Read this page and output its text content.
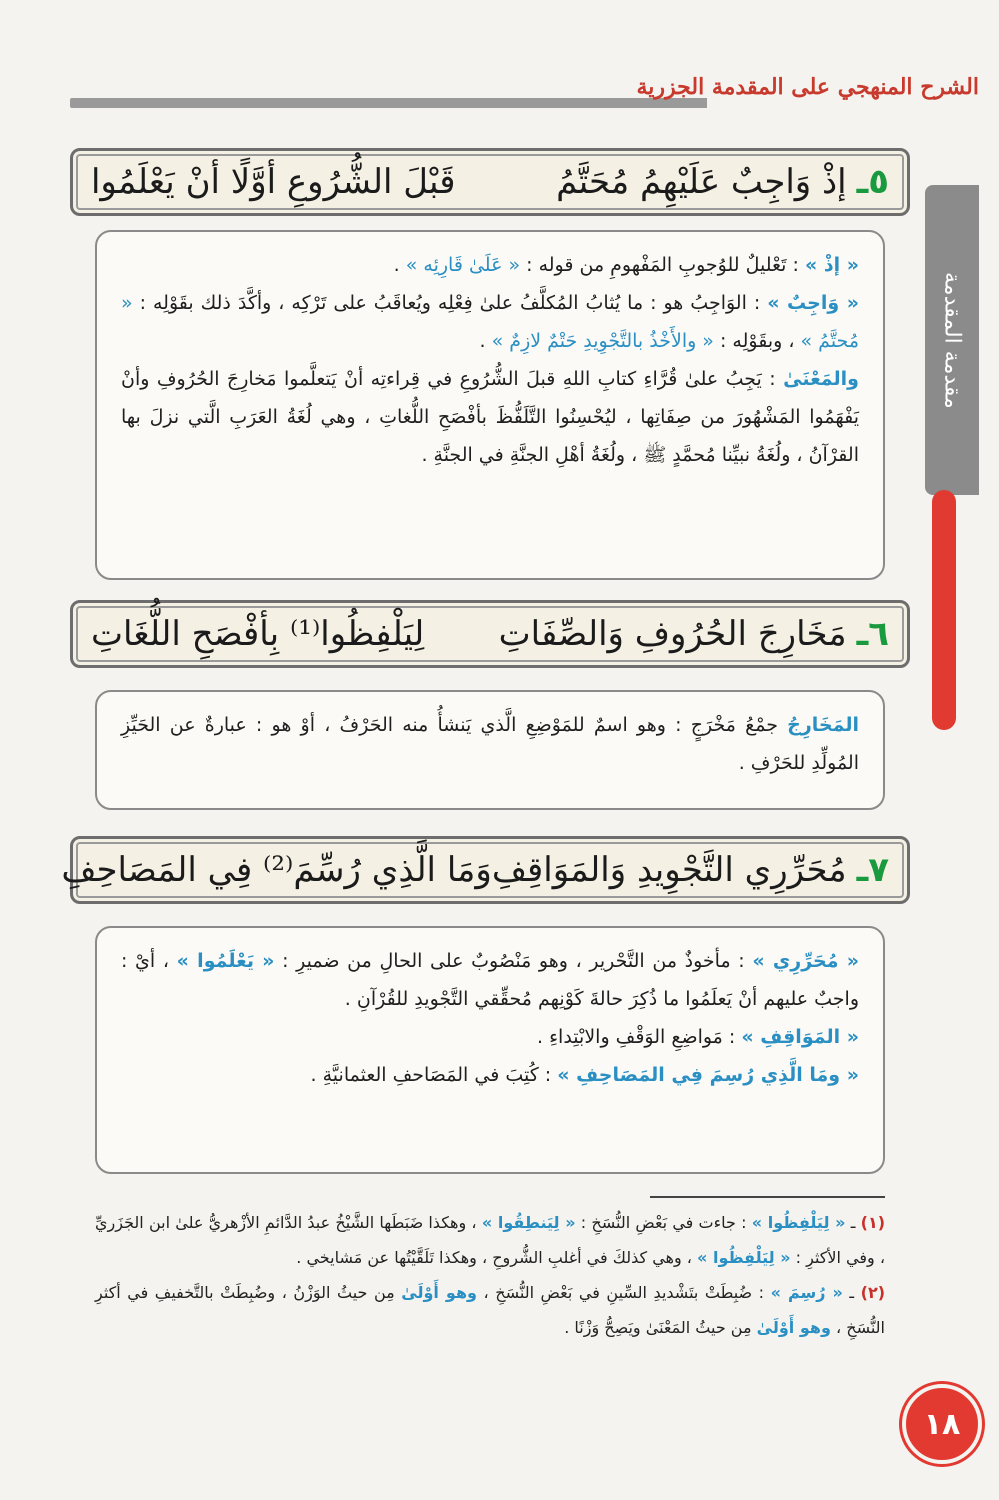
الشرح المنهجي على المقدمة الجزرية
مقدمة المقدمة
٥ـ
إذْ وَاجِبٌ عَلَيْهِمُ مُحَتَّمُ
قَبْلَ الشُّرُوعِ أوَّلًا أنْ يَعْلَمُوا

« إذْ » : تَعْليلٌ للوُجوبِ المَفْهومِ من قوله : « عَلَىٰ قَارِئِه » .

« وَاجِبٌ » : الوَاجِبُ هو : ما يُثابُ المُكلَّفُ علىٰ فِعْلِه ويُعاقَبُ على تَرْكِه ، وأكَّدَ ذلك بقَوْلِه : « مُحتَّمُ » ، وبقَوْلِه : « والأَخْذُ بالتَّجْوِيدِ حَتْمٌ لازِمٌ » .

والمَعْنَىٰ : يَجِبُ علىٰ قُرَّاءِ كتابِ اللهِ قبلَ الشُّرُوعِ في قِراءتِه أنْ يَتعلَّموا مَخارِجَ الحُرُوفِ وأنْ يَفْهَمُوا المَشْهُورَ من صِفَاتِها ، ليُحْسِنُوا التَّلَفُّظَ بأفْصَحِ اللُّغاتِ ، وهي لُغَةُ العَرَبِ الَّتي نزلَ بها القرْآنُ ، ولُغَةُ نبيِّنا مُحمَّدٍ ﷺ ، ولُغَةُ أهْلِ الجنَّةِ في الجنَّةِ .

٦ـ
مَخَارِجَ الحُرُوفِ وَالصِّفَاتِ
لِيَلْفِظُوا⁽¹⁾ بِأفْصَحِ اللُّغَاتِ

المَخَارِجُ جمْعُ مَخْرَجٍ : وهو اسمٌ للمَوْضِعِ الَّذي يَنشأُ منه الحَرْفُ ، أوْ هو : عبارةٌ عن الحَيِّزِ المُولِّدِ للحَرْفِ .

٧ـ
مُحَرِّرِي التَّجْوِيدِ وَالمَوَاقِفِ
وَمَا الَّذِي رُسِّمَ⁽²⁾ فِي المَصَاحِفِ

« مُحَرِّرِي » : مأخوذٌ من التَّحْرير ، وهو مَنْصُوبٌ على الحالِ من ضميرِ : « يَعْلَمُوا » ، أيْ : واجبٌ عليهم أنْ يَعلَمُوا ما ذُكِرَ حالةَ كَوْنِهم مُحقِّقي التَّجْويدِ للقُرْآنِ .

« المَوَاقِفِ » : مَواضِعِ الوَقْفِ والابْتِداءِ .

« ومَا الَّذِي رُسِمَ فِي المَصَاحِفِ » : كُتِبَ في المَصَاحفِ العثمانيَّةِ .

(١) ـ « لِيَلْفِظُوا » : جاءت في بَعْضِ النُّسَخِ : « لِيَنطِقُوا » ، وهكذا ضَبَطَها الشَّيْخُ عبدُ الدَّائمِ الأزْهريُّ علىٰ ابن الجَزَريِّ ، وفي الأكثرِ : « لِيَلْفِظُوا » ، وهي كذلكَ في أغلبِ الشُّروحِ ، وهكذا تَلَقَّيْتُها عن مَشايخي .

(٢) ـ « رُسِمَ » : ضُبِطَتْ بتَشْديدِ السِّينِ في بَعْضِ النُّسَخِ ، وهو أَوْلَىٰ مِن حيثُ الوَزْنُ ، وضُبِطَتْ بالتَّخفيفِ في أكثرِ النُّسَخِ ، وهو أَوْلَىٰ مِن حيثُ المَعْنَىٰ ويَصِحُّ وَزْنًا .

١٨
